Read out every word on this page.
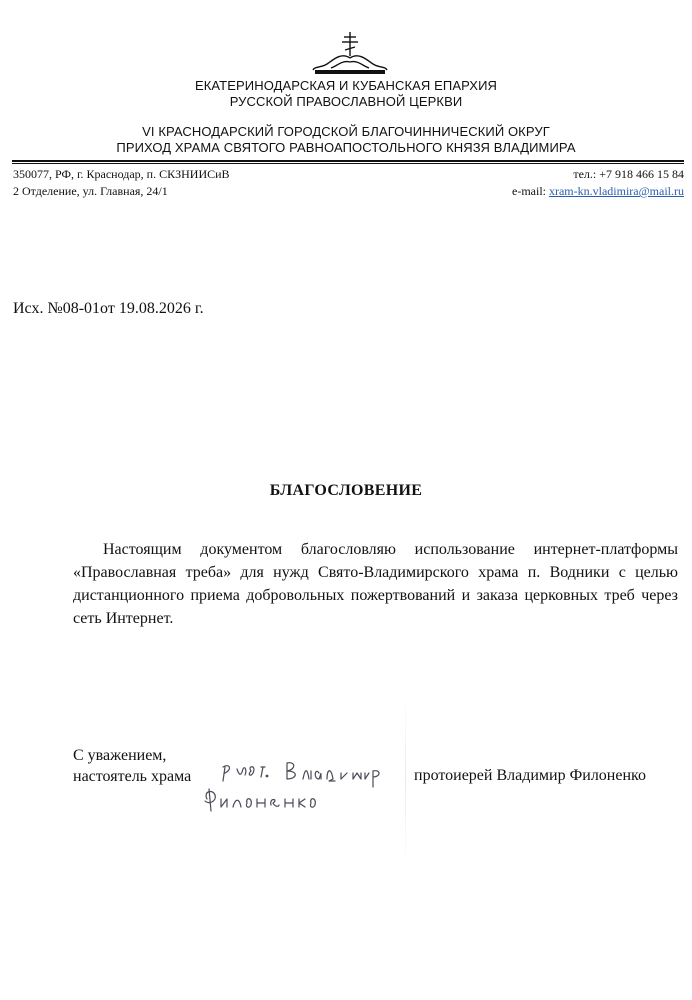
ЕКАТЕРИНОДАРСКАЯ И КУБАНСКАЯ ЕПАРХИЯ
РУССКОЙ ПРАВОСЛАВНОЙ ЦЕРКВИ
VI КРАСНОДАРСКИЙ ГОРОДСКОЙ БЛАГОЧИННИЧЕСКИЙ ОКРУГ
ПРИХОД ХРАМА СВЯТОГО РАВНОАПОСТОЛЬНОГО КНЯЗЯ ВЛАДИМИРА
350077, РФ, г. Краснодар, п. СКЗНИИСиВ
2 Отделение, ул. Главная, 24/1
тел.: +7 918 466 15 84
e-mail: xram-kn.vladimira@mail.ru
Исх. №08-01от 19.08.2026 г.
БЛАГОСЛОВЕНИЕ

Настоящим документом благословляю использование интернет-платформы «Православная треба» для нужд Свято-Владимирского храма п. Водники с целью дистанционного приема добровольных пожертвований и заказа церковных треб через сеть Интернет.

С уважением,
настоятель храма	протоиерей Владимир Филоненко
